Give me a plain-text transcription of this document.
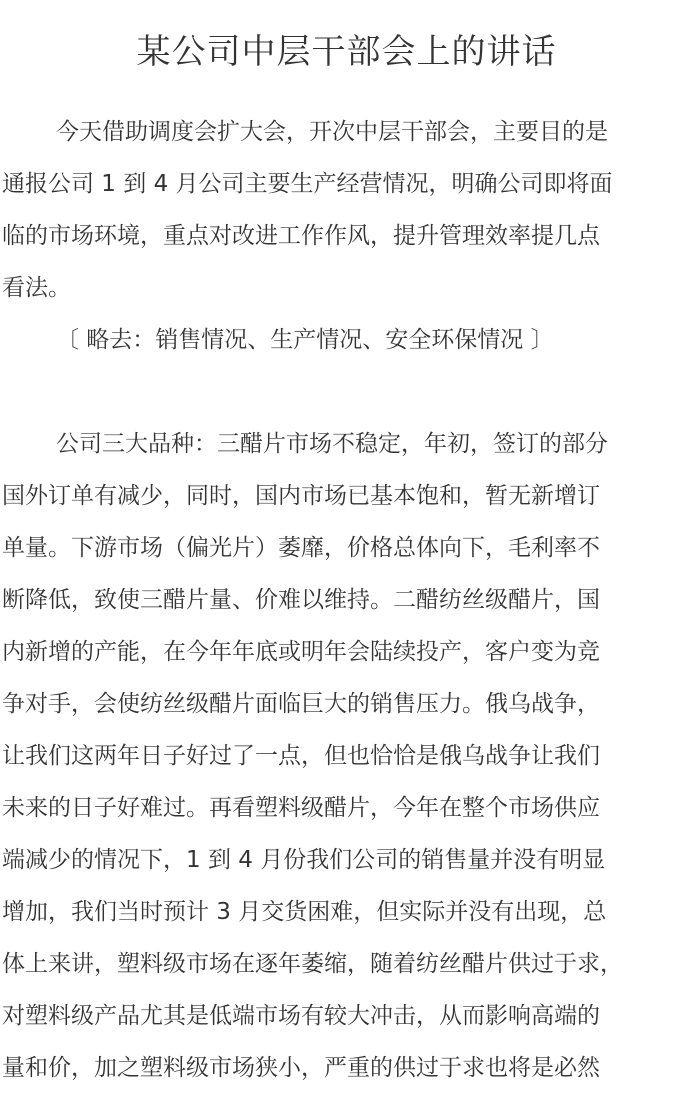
某公司中层干部会上的讲话
今天借助调度会扩大会，开次中层干部会，主要目的是
通报公司 1 到 4 月公司主要生产经营情况，明确公司即将面
临的市场环境，重点对改进工作作风，提升管理效率提几点
看法。
〔 略去：销售情况、生产情况、安全环保情况 〕
公司三大品种：三醋片市场不稳定，年初，签订的部分
国外订单有减少，同时，国内市场已基本饱和，暂无新增订
单量。下游市场（偏光片）萎靡，价格总体向下，毛利率不
断降低，致使三醋片量、价难以维持。二醋纺丝级醋片，国
内新增的产能，在今年年底或明年会陆续投产，客户变为竞
争对手，会使纺丝级醋片面临巨大的销售压力。俄乌战争，
让我们这两年日子好过了一点，但也恰恰是俄乌战争让我们
未来的日子好难过。再看塑料级醋片，今年在整个市场供应
端减少的情况下，1 到 4 月份我们公司的销售量并没有明显
增加，我们当时预计 3 月交货困难，但实际并没有出现，总
体上来讲，塑料级市场在逐年萎缩，随着纺丝醋片供过于求，
对塑料级产品尤其是低端市场有较大冲击，从而影响高端的
量和价，加之塑料级市场狭小，严重的供过于求也将是必然
